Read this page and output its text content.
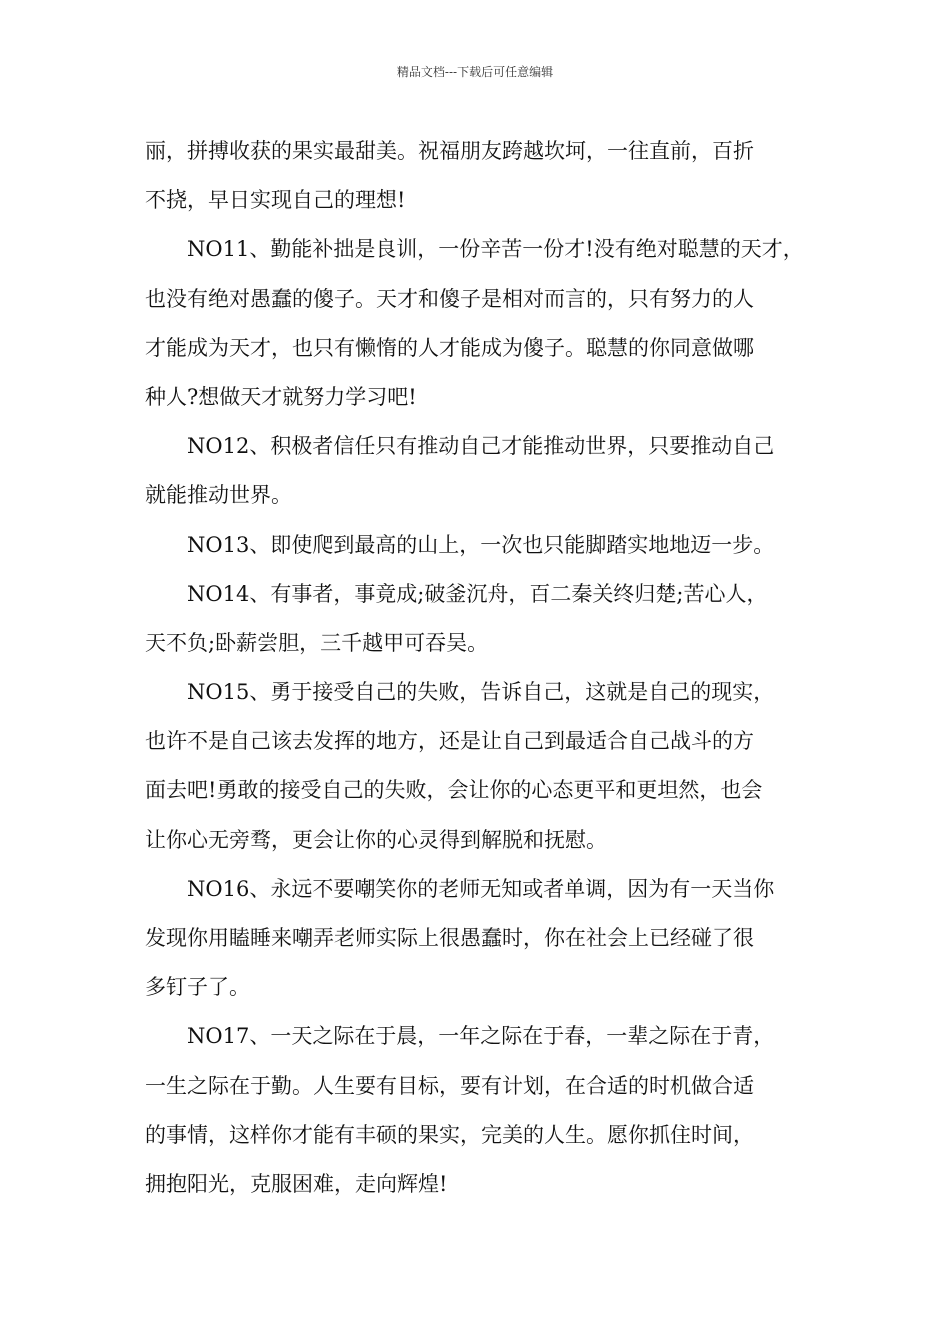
精品文档---下载后可任意编辑
丽，拼搏收获的果实最甜美。祝福朋友跨越坎坷，一往直前，百折
不挠，早日实现自己的理想!
NO11、勤能补拙是良训，一份辛苦一份才!没有绝对聪慧的天才，
也没有绝对愚蠢的傻子。天才和傻子是相对而言的，只有努力的人
才能成为天才，也只有懒惰的人才能成为傻子。聪慧的你同意做哪
种人?想做天才就努力学习吧!
NO12、积极者信任只有推动自己才能推动世界，只要推动自己
就能推动世界。
NO13、即使爬到最高的山上，一次也只能脚踏实地地迈一步。
NO14、有事者，事竟成;破釜沉舟，百二秦关终归楚;苦心人，
天不负;卧薪尝胆，三千越甲可吞吴。
NO15、勇于接受自己的失败，告诉自己，这就是自己的现实，
也许不是自己该去发挥的地方，还是让自己到最适合自己战斗的方
面去吧!勇敢的接受自己的失败，会让你的心态更平和更坦然，也会
让你心无旁骛，更会让你的心灵得到解脱和抚慰。
NO16、永远不要嘲笑你的老师无知或者单调，因为有一天当你
发现你用瞌睡来嘲弄老师实际上很愚蠢时，你在社会上已经碰了很
多钉子了。
NO17、一天之际在于晨，一年之际在于春，一辈之际在于青，
一生之际在于勤。人生要有目标，要有计划，在合适的时机做合适
的事情，这样你才能有丰硕的果实，完美的人生。愿你抓住时间，
拥抱阳光，克服困难，走向辉煌!
